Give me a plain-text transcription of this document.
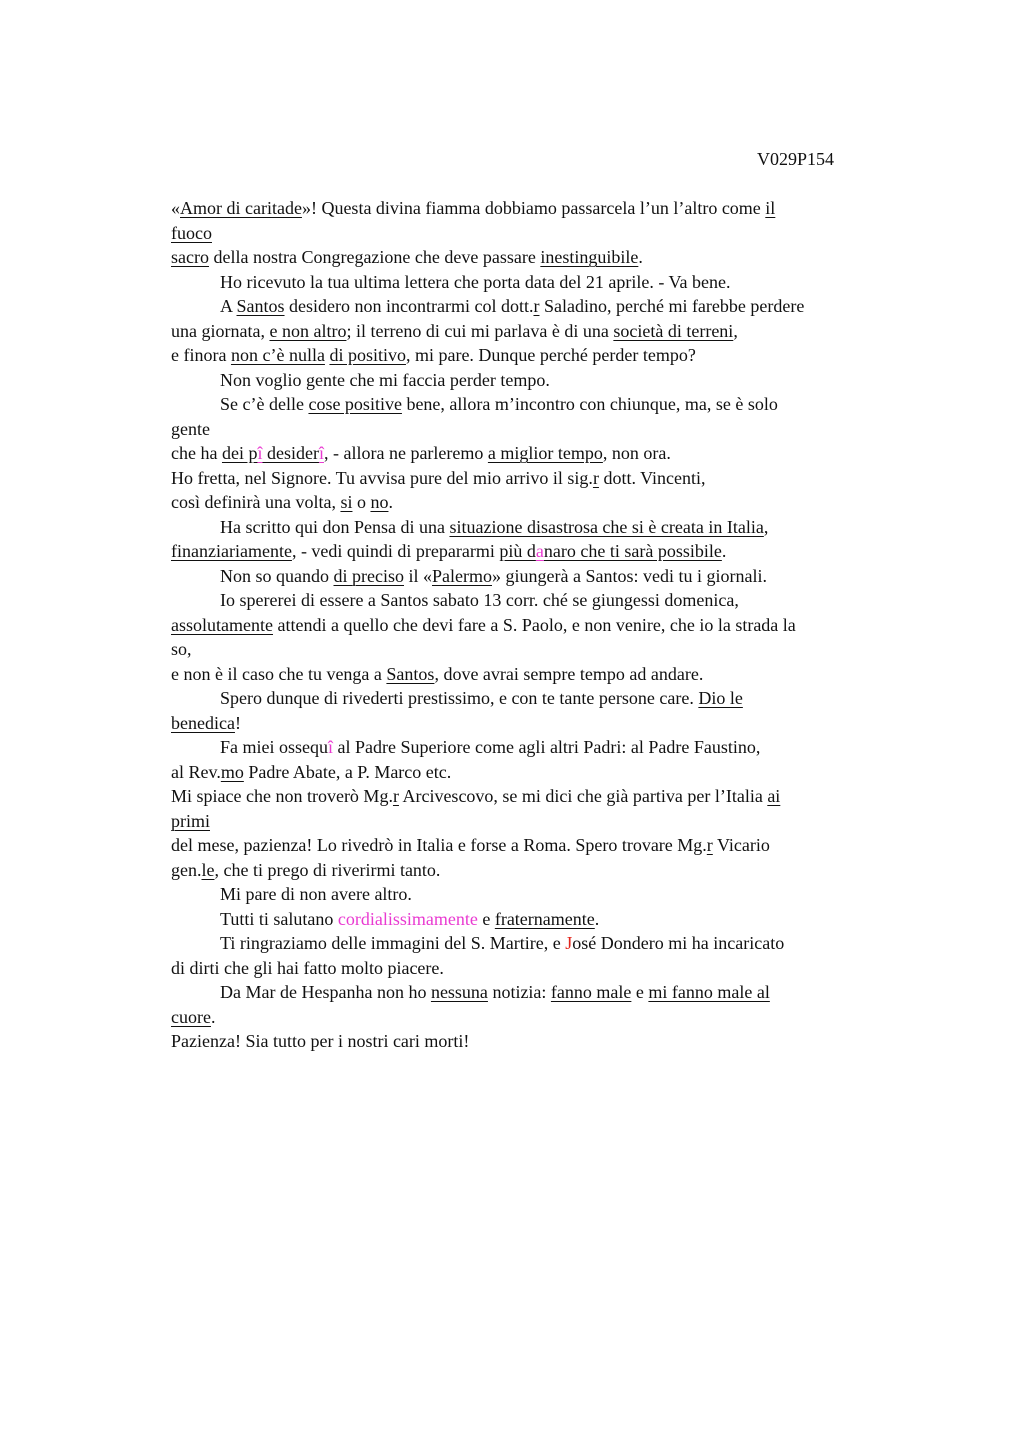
V029P154
«Amor di caritade»! Questa divina fiamma dobbiamo passarcela l’un l’altro come il
fuoco
sacro della nostra Congregazione che deve passare inestinguibile.
Ho ricevuto la tua ultima lettera che porta data del 21 aprile. - Va bene.
A Santos desidero non incontrarmi col dott.r Saladino, perché mi farebbe perdere
una giornata, e non altro; il terreno di cui mi parlava è di una società di terreni,
e finora non c’è nulla di positivo, mi pare. Dunque perché perder tempo?
Non voglio gente che mi faccia perder tempo.
Se c’è delle cose positive bene, allora m’incontro con chiunque, ma, se è solo
gente
che ha dei pî desiderî, - allora ne parleremo a miglior tempo, non ora.
Ho fretta, nel Signore. Tu avvisa pure del mio arrivo il sig.r dott. Vincenti,
così definirà una volta, si o no.
Ha scritto qui don Pensa di una situazione disastrosa che si è creata in Italia,
finanziariamente, - vedi quindi di prepararmi più danaro che ti sarà possibile.
Non so quando di preciso il «Palermo» giungerà a Santos: vedi tu i giornali.
Io spererei di essere a Santos sabato 13 corr. ché se giungessi domenica,
assolutamente attendi a quello che devi fare a S. Paolo, e non venire, che io la strada la
so,
e non è il caso che tu venga a Santos, dove avrai sempre tempo ad andare.
Spero dunque di rivederti prestissimo, e con te tante persone care. Dio le
benedica!
Fa miei ossequî al Padre Superiore come agli altri Padri: al Padre Faustino,
al Rev.mo Padre Abate, a P. Marco etc.
Mi spiace che non troverò Mg.r Arcivescovo, se mi dici che già partiva per l’Italia ai
primi
del mese, pazienza! Lo rivedrò in Italia e forse a Roma. Spero trovare Mg.r Vicario
gen.le, che ti prego di riverirmi tanto.
Mi pare di non avere altro.
Tutti ti salutano cordialissimamente e fraternamente.
Ti ringraziamo delle immagini del S. Martire, e José Dondero mi ha incaricato
di dirti che gli hai fatto molto piacere.
Da Mar de Hespanha non ho nessuna notizia: fanno male e mi fanno male al
cuore.
Pazienza! Sia tutto per i nostri cari morti!
